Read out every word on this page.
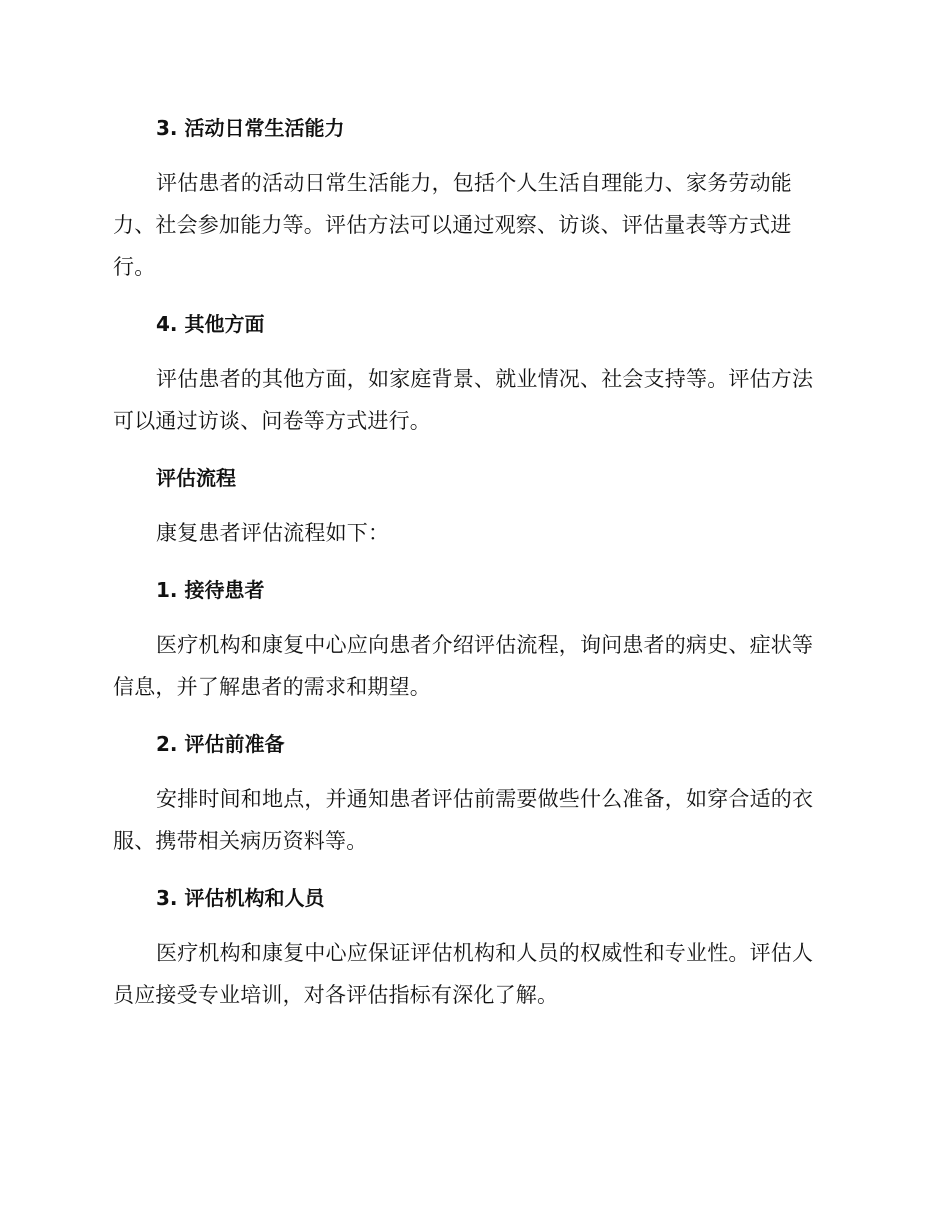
3. 活动日常生活能力

评估患者的活动日常生活能力，包括个人生活自理能力、家务劳动能力、社会参加能力等。评估方法可以通过观察、访谈、评估量表等方式进行。

4. 其他方面

评估患者的其他方面，如家庭背景、就业情况、社会支持等。评估方法可以通过访谈、问卷等方式进行。

评估流程

康复患者评估流程如下：

1. 接待患者

医疗机构和康复中心应向患者介绍评估流程，询问患者的病史、症状等信息，并了解患者的需求和期望。

2. 评估前准备

安排时间和地点，并通知患者评估前需要做些什么准备，如穿合适的衣服、携带相关病历资料等。

3. 评估机构和人员

医疗机构和康复中心应保证评估机构和人员的权威性和专业性。评估人员应接受专业培训，对各评估指标有深化了解。
